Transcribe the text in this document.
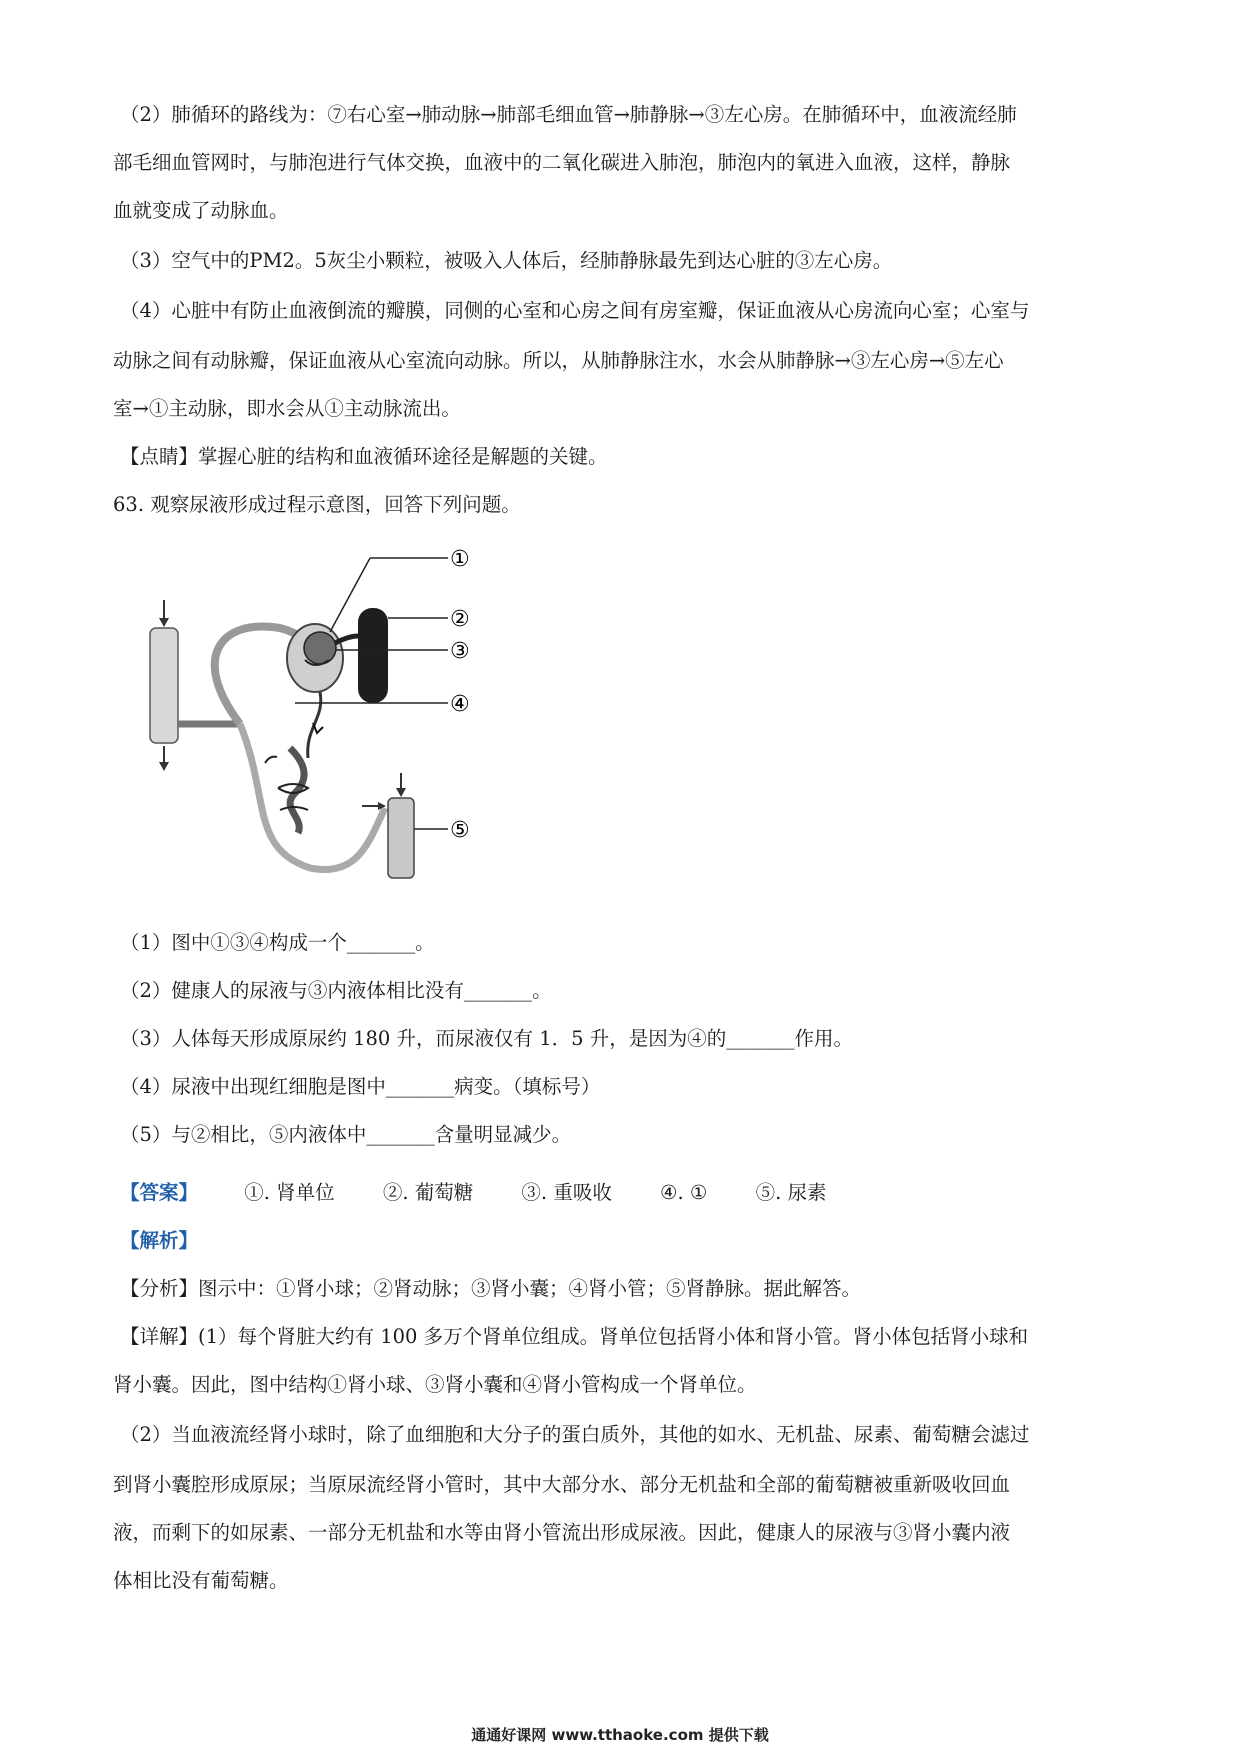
（2）肺循环的路线为：⑦右心室→肺动脉→肺部毛细血管→肺静脉→③左心房。在肺循环中，血液流经肺
部毛细血管网时，与肺泡进行气体交换，血液中的二氧化碳进入肺泡，肺泡内的氧进入血液，这样，静脉
血就变成了动脉血。
（3）空气中的PM2。5灰尘小颗粒，被吸入人体后，经肺静脉最先到达心脏的③左心房。
（4）心脏中有防止血液倒流的瓣膜，同侧的心室和心房之间有房室瓣，保证血液从心房流向心室；心室与
动脉之间有动脉瓣，保证血液从心室流向动脉。所以，从肺静脉注水，水会从肺静脉→③左心房→⑤左心
室→①主动脉，即水会从①主动脉流出。
【点睛】掌握心脏的结构和血液循环途径是解题的关键。
63. 观察尿液形成过程示意图，回答下列问题。
①
②
③
④
⑤
（1）图中①③④构成一个_______。
（2）健康人的尿液与③内液体相比没有_______。
（3）人体每天形成原尿约 180 升，而尿液仅有 1．5 升，是因为④的_______作用。
（4）尿液中出现红细胞是图中_______病变。（填标号）
（5）与②相比，⑤内液体中_______含量明显减少。
【答案】 ①. 肾单位 ②. 葡萄糖 ③. 重吸收 ④. ① ⑤. 尿素
【解析】
【分析】图示中：①肾小球；②肾动脉；③肾小囊；④肾小管；⑤肾静脉。据此解答。
【详解】(1）每个肾脏大约有 100 多万个肾单位组成。肾单位包括肾小体和肾小管。肾小体包括肾小球和
肾小囊。因此，图中结构①肾小球、③肾小囊和④肾小管构成一个肾单位。
（2）当血液流经肾小球时，除了血细胞和大分子的蛋白质外，其他的如水、无机盐、尿素、葡萄糖会滤过
到肾小囊腔形成原尿；当原尿流经肾小管时，其中大部分水、部分无机盐和全部的葡萄糖被重新吸收回血
液，而剩下的如尿素、一部分无机盐和水等由肾小管流出形成尿液。因此，健康人的尿液与③肾小囊内液
体相比没有葡萄糖。
通通好课网 www.tthaoke.com 提供下载
